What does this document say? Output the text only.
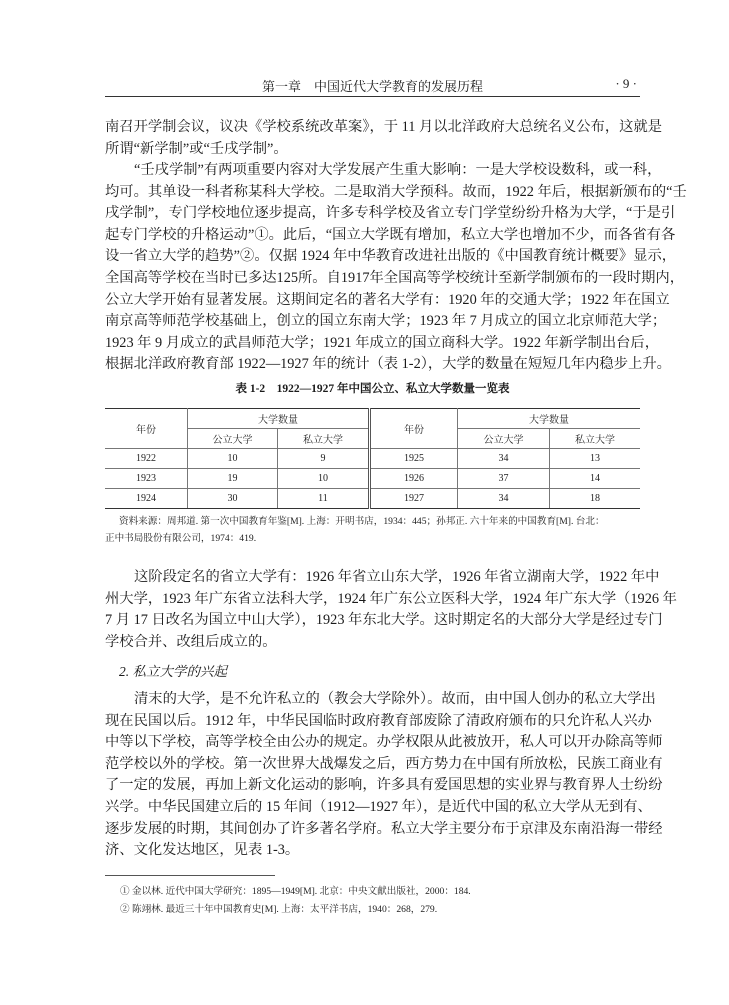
第一章　中国近代大学教育的发展历程	· 9 ·
南召开学制会议，议决《学校系统改革案》，于 11 月以北洋政府大总统名义公布，这就是
所谓“新学制”或“壬戌学制”。
“壬戌学制”有两项重要内容对大学发展产生重大影响：一是大学校设数科，或一科，
均可。其单设一科者称某科大学校。二是取消大学预科。故而，1922 年后，根据新颁布的“壬
戌学制”，专门学校地位逐步提高，许多专科学校及省立专门学堂纷纷升格为大学，“于是引
起专门学校的升格运动”①。此后，“国立大学既有增加，私立大学也增加不少，而各省有各
设一省立大学的趋势”②。仅据 1924 年中华教育改进社出版的《中国教育统计概要》显示，
全国高等学校在当时已多达125所。自1917年全国高等学校统计至新学制颁布的一段时期内，
公立大学开始有显著发展。这期间定名的著名大学有：1920 年的交通大学；1922 年在国立
南京高等师范学校基础上，创立的国立东南大学；1923 年 7 月成立的国立北京师范大学；
1923 年 9 月成立的武昌师范大学；1921 年成立的国立商科大学。1922 年新学制出台后，
根据北洋政府教育部 1922—1927 年的统计（表 1-2），大学的数量在短短几年内稳步上升。
表 1-2　1922—1927 年中国公立、私立大学数量一览表
年份	大学数量		年份	大学数量	
	公立大学	私立大学		公立大学	私立大学
1922	10	9	1925	34	13
1923	19	10	1926	37	14
1924	30	11	1927	34	18
资料来源：周邦道. 第一次中国教育年鉴[M]. 上海：开明书店，1934：445；孙邦正. 六十年来的中国教育[M]. 台北：
正中书局股份有限公司，1974：419.
这阶段定名的省立大学有：1926 年省立山东大学，1926 年省立湖南大学，1922 年中
州大学，1923 年广东省立法科大学，1924 年广东公立医科大学，1924 年广东大学（1926 年
7 月 17 日改名为国立中山大学），1923 年东北大学。这时期定名的大部分大学是经过专门
学校合并、改组后成立的。
2. 私立大学的兴起
清末的大学，是不允许私立的（教会大学除外）。故而，由中国人创办的私立大学出
现在民国以后。1912 年，中华民国临时政府教育部废除了清政府颁布的只允许私人兴办
中等以下学校，高等学校全由公办的规定。办学权限从此被放开，私人可以开办除高等师
范学校以外的学校。第一次世界大战爆发之后，西方势力在中国有所放松，民族工商业有
了一定的发展，再加上新文化运动的影响，许多具有爱国思想的实业界与教育界人士纷纷
兴学。中华民国建立后的 15 年间（1912—1927 年），是近代中国的私立大学从无到有、
逐步发展的时期，其间创办了许多著名学府。私立大学主要分布于京津及东南沿海一带经
济、文化发达地区，见表 1-3。
① 金以林. 近代中国大学研究：1895—1949[M]. 北京：中央文献出版社，2000：184.
② 陈翊林. 最近三十年中国教育史[M]. 上海：太平洋书店，1940：268，279.
